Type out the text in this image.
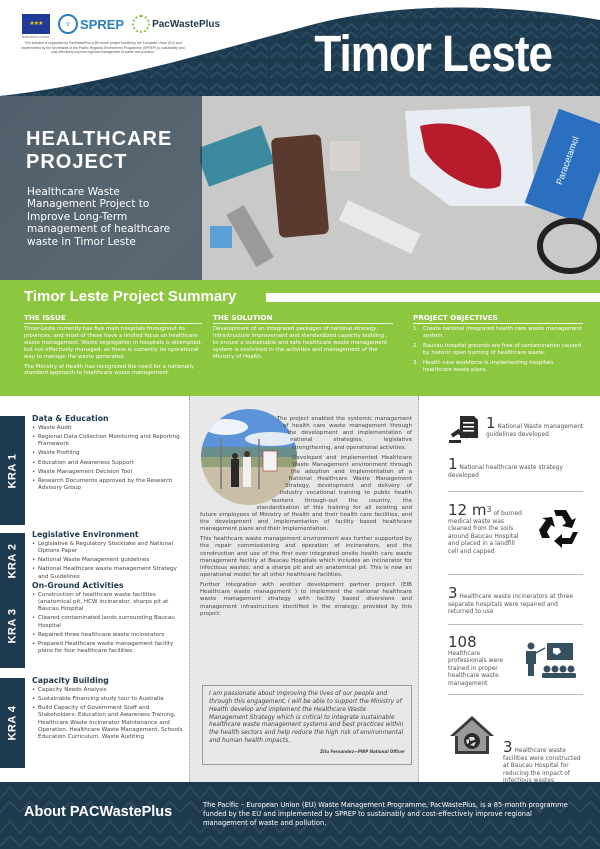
★★★	♆ SPREP	PacWastePlus
EUROPEAN UNION
This initiative is supported by PacWastePlus-a 85-month project funded by the European Union (EU) and implemented by the Secretariat of the Pacific Regional Environment Programme (SPREP) to sustainably and cost-effectively improve regional management of waste and pollution.	Timor Leste
Paracetamol
HEALTHCARE
PROJECT
Healthcare Waste Management Project to Improve Long-Term management of healthcare waste in Timor Leste
Timor Leste Project Summary
THE ISSUE

Timor-Leste currently has five main hospitals throughout its provinces, and most of these have a limited focus on healthcare waste management. Waste segregation in hospitals is attempted, but not effectively managed, as there is currently no operational way to manage the waste generated.

The Ministry of Health has recognized the need for a nationally standard approach to healthcare waste management.

THE SOLUTION
Development of an integrated packages of national strategy, infrastructure improvement and standardized capacity building , to ensure a sustainable and safe healthcare waste management system is enshrined in the activities and management of the Ministry of Health.
PROJECT OBJECTIVES
1. Create national integrated health care waste management system.
2. Baucau hospital grounds are free of contamination caused by historic open burning of healthcare waste.
3. Health care workforce is implementing hospitals healthcare waste plans.
KRA 1
Data & Education
• Waste Audit
• Regional Data Collection Monitoring and Reporting Framework
• Waste Profiling
• Education and Awareness Support
• Waste Management Decision Tool
• Research Documents approved by the Research Advisory Group
KRA 2
Legislative Environment
• Legislative & Regulatory Stocktake and National Options Paper
• National Waste Management guidelines
• National Healthcare waste management Strategy and Guidelines
KRA 3
On-Ground Activities
• Construction of healthcare waste facilities (anatomical pit, HCW incinerator, sharps pit at Baucau Hospital
• Cleared contaminated lands surrounding Baucau Hospital
• Repaired three healthcare waste incinerators
• Prepared Healthcare waste management facility plans for four healthcare facilities.
KRA 4
Capacity Building
• Capacity Needs Analysis
• Sustainable Financing study tour to Australia
• Build Capacity of Government Staff and Stakeholders: Education and Awareness Training, Healthcare Waste Incinerator Maintenance and Operation, Healthcare Waste Management, Schools Education Curriculum, Waste Auditing

The project enabled the systemic management of health care waste management through the development and implementation of national strategies, legislative strengthening, and operational activities.

Developed and implemented Healthcare Waste Management environment through the adoption and implementation of a National Healthcare Waste Management Strategy, development and delivery of industry vocational training to public health workers through-out the country, the standardisation of this training for all existing and future employees of Ministry of Health and their health care facilities, and the development and implementation of facility based healthcare management plans and their implementation.

This healthcare waste management environment was further supported by the repair commissioning and operation of incinerators, and the construction and use of the first ever integrated onsite health care waste management facility at Baucau Hospitals which includes an incinerator for infectious wastes; and a sharps pit and an anatomical pit. This is now an operational model for all other healthcare facilities.

Further integration with another development partner project (EIB Healthcare waste management ) to implement the national healthcare waste management strategy with facility based diversions and management infrastructure identified in the strategy, provided by this project.

I am passionate about improving the lives of our people and through this engagement, I will be able to support the Ministry of Health develop and implement the Healthcare Waste Management Strategy which is critical to integrate sustainable healthcare waste management systems and best practices within the health sectors and help reduce the high risk of environmental and human health impacts.
Zitu Fernandez—PWP National Officer
1 National Waste management guidelines developed
1 National healthcare waste strategy developed
12 $m^3$ of burned medical waste was cleaned from the soils around Baucau Hospital and placed in a landfill cell and capped
3 Healthcare waste incinerators at three separate hospitals were repaired and returned to use
108 Healthcare professionals were trained in proper healthcare waste management
3 Healthcare waste facilities were constructed at Baucau Hospital for reducing the impact of
About PACWastePlus	The Pacific – European Union (EU) Waste Management Programme, PacWastePlus, is a 85-month programme funded by the EU and implemented by SPREP to sustainably and cost-effectively improve regional management of waste and pollution.
